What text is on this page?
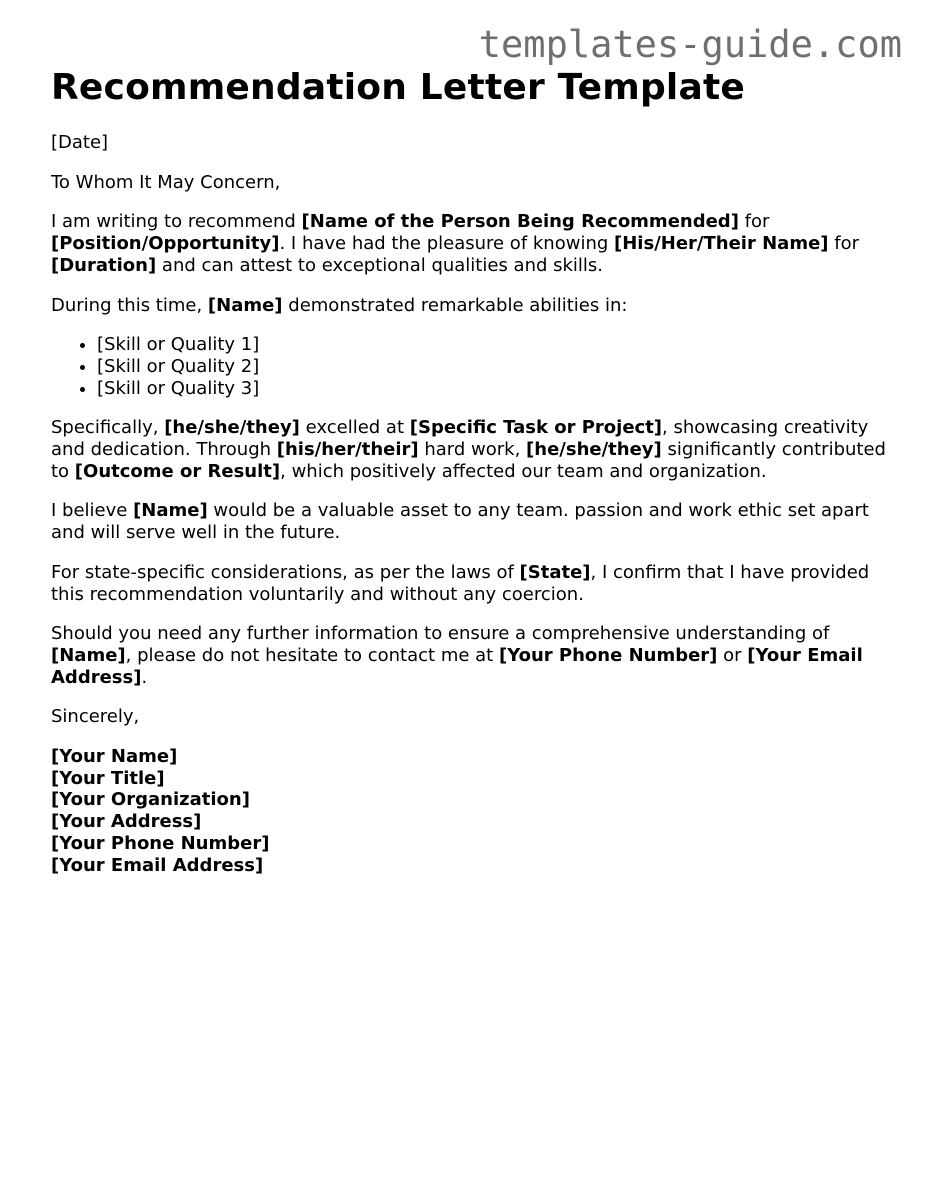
templates-guide.com
Recommendation Letter Template

[Date]

To Whom It May Concern,

I am writing to recommend [Name of the Person Being Recommended] for [Position/Opportunity]. I have had the pleasure of knowing [His/Her/Their Name] for [Duration] and can attest to exceptional qualities and skills.

During this time, [Name] demonstrated remarkable abilities in:

• [Skill or Quality 1]
• [Skill or Quality 2]
• [Skill or Quality 3]

Specifically, [he/she/they] excelled at [Specific Task or Project], showcasing creativity and dedication. Through [his/her/their] hard work, [he/she/they] significantly contributed to [Outcome or Result], which positively affected our team and organization.

I believe [Name] would be a valuable asset to any team. passion and work ethic set apart and will serve well in the future.

For state-specific considerations, as per the laws of [State], I confirm that I have provided this recommendation voluntarily and without any coercion.

Should you need any further information to ensure a comprehensive understanding of [Name], please do not hesitate to contact me at [Your Phone Number] or [Your Email Address].

Sincerely,

[Your Name]
[Your Title]
[Your Organization]
[Your Address]
[Your Phone Number]
[Your Email Address]
